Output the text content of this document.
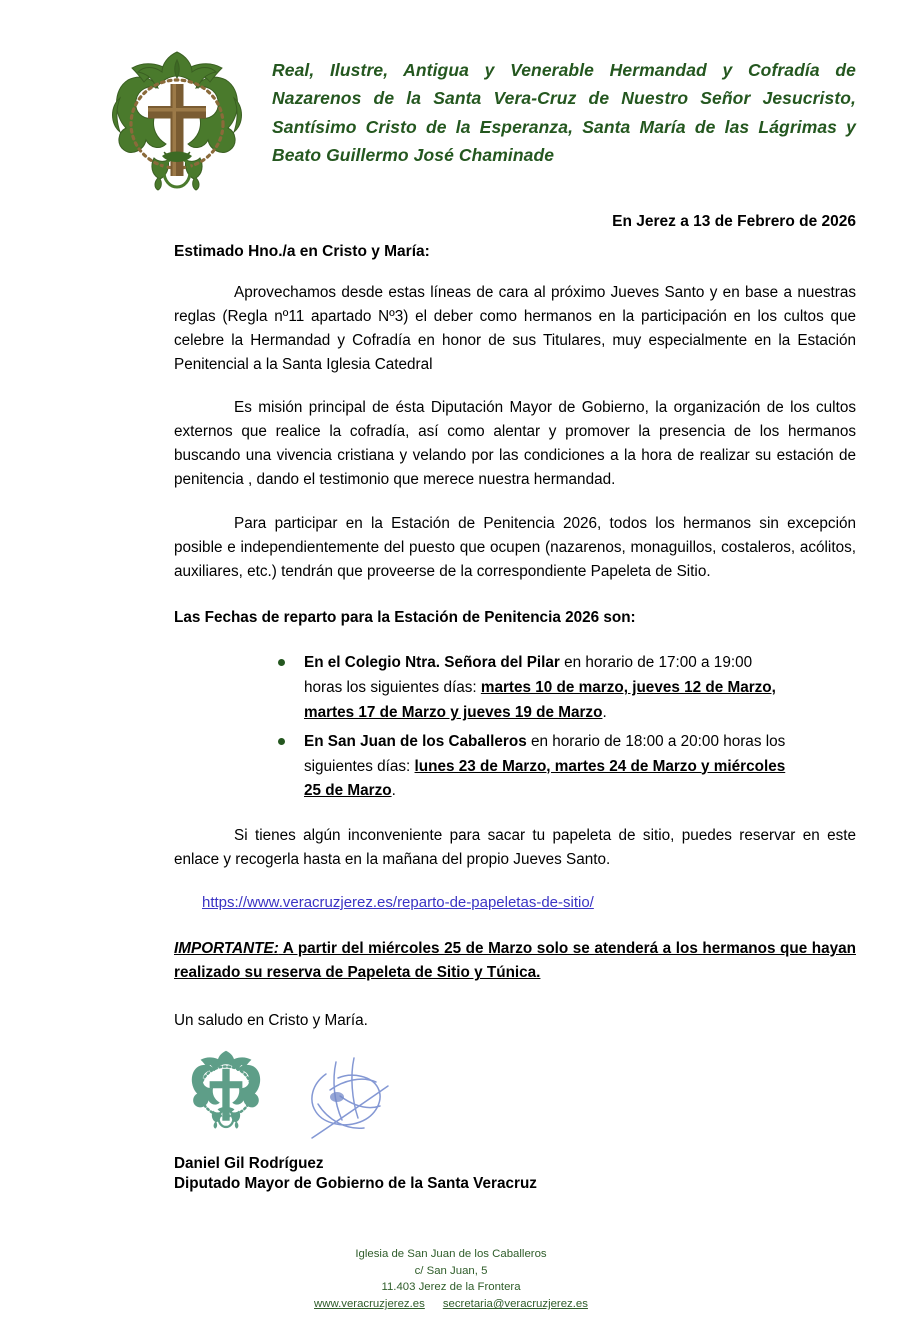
Real, Ilustre, Antigua y Venerable Hermandad y Cofradía de Nazarenos de la Santa Vera-Cruz de Nuestro Señor Jesucristo, Santísimo Cristo de la Esperanza, Santa María de las Lágrimas y Beato Guillermo José Chaminade
En Jerez a 13 de Febrero de 2026
Estimado Hno./a en Cristo y María:

Aprovechamos desde estas líneas de cara al próximo Jueves Santo y en base a nuestras reglas (Regla nº11 apartado Nº3) el deber como hermanos en la participación en los cultos que celebre la Hermandad y Cofradía en honor de sus Titulares, muy especialmente en la Estación Penitencial a la Santa Iglesia Catedral

Es misión principal de ésta Diputación Mayor de Gobierno, la organización de los cultos externos que realice la cofradía, así como alentar y promover la presencia de los hermanos buscando una vivencia cristiana y velando por las condiciones a la hora de realizar su estación de penitencia , dando el testimonio que merece nuestra hermandad.

Para participar en la Estación de Penitencia 2026, todos los hermanos sin excepción posible e independientemente del puesto que ocupen (nazarenos, monaguillos, costaleros, acólitos, auxiliares, etc.) tendrán que proveerse de la correspondiente Papeleta de Sitio.

Las Fechas de reparto para la Estación de Penitencia 2026 son:
En el Colegio Ntra. Señora del Pilar en horario de 17:00 a 19:00 horas los siguientes días: martes 10 de marzo, jueves 12 de Marzo, martes 17 de Marzo y jueves 19 de Marzo.
En San Juan de los Caballeros en horario de 18:00 a 20:00 horas los siguientes días: lunes 23 de Marzo, martes 24 de Marzo y miércoles 25 de Marzo.

Si tienes algún inconveniente para sacar tu papeleta de sitio, puedes reservar en este enlace y recogerla hasta en la mañana del propio Jueves Santo.

https://www.veracruzjerez.es/reparto-de-papeletas-de-sitio/
IMPORTANTE: A partir del miércoles 25 de Marzo solo se atenderá a los hermanos que hayan realizado su reserva de Papeleta de Sitio y Túnica.
Un saludo en Cristo y María.
Daniel Gil Rodríguez
Diputado Mayor de Gobierno de la Santa Veracruz
Iglesia de San Juan de los Caballeros
c/ San Juan, 5
11.403 Jerez de la Frontera
www.veracruzjerez.es secretaria@veracruzjerez.es
